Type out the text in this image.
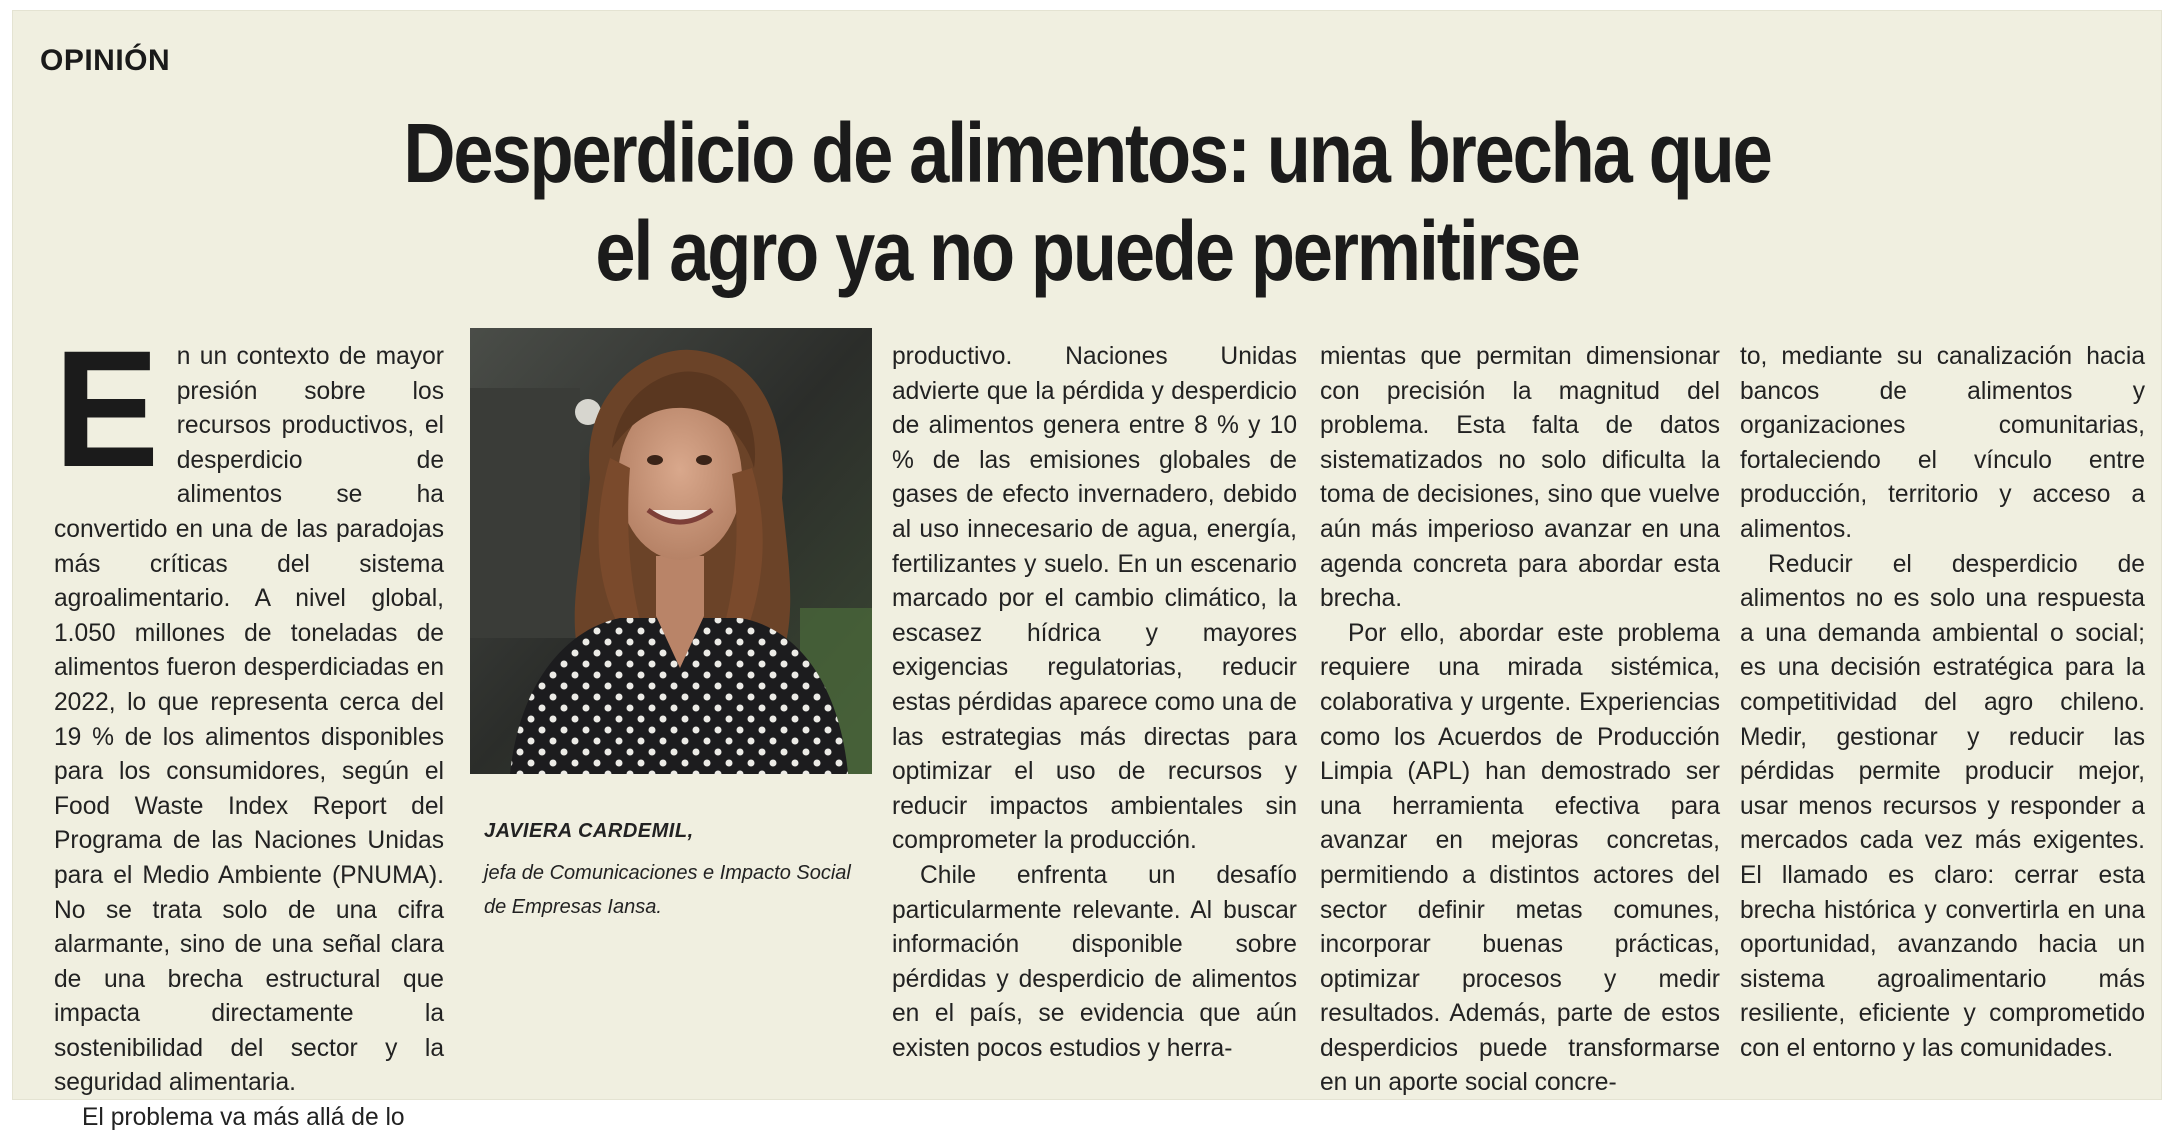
OPINIÓN
Desperdicio de alimentos: una brecha que
el agro ya no puede permitirse

En un contexto de mayor presión sobre los recursos productivos, el desperdicio de alimentos se ha convertido en una de las paradojas más críticas del sistema agroalimentario. A nivel global, 1.050 millones de toneladas de alimentos fueron desperdiciadas en 2022, lo que representa cerca del 19 % de los alimentos disponibles para los consumidores, según el Food Waste Index Report del Programa de las Naciones Unidas para el Medio Ambiente (PNUMA). No se trata solo de una cifra alarmante, sino de una señal clara de una brecha estructural que impacta directamente la sostenibilidad del sector y la seguridad alimentaria.

El problema va más allá de lo

JAVIERA CARDEMIL,
jefa de Comunicaciones e Impacto Social de Empresas Iansa.

productivo. Naciones Unidas advierte que la pérdida y desperdicio de alimentos genera entre 8 % y 10 % de las emisiones globales de gases de efecto invernadero, debido al uso innecesario de agua, energía, fertilizantes y suelo. En un escenario marcado por el cambio climático, la escasez hídrica y mayores exigencias regulatorias, reducir estas pérdidas aparece como una de las estrategias más directas para optimizar el uso de recursos y reducir impactos ambientales sin comprometer la producción.

Chile enfrenta un desafío particularmente relevante. Al buscar información disponible sobre pérdidas y desperdicio de alimentos en el país, se evidencia que aún existen pocos estudios y herra-

mientas que permitan dimensionar con precisión la magnitud del problema. Esta falta de datos sistematizados no solo dificulta la toma de decisiones, sino que vuelve aún más imperioso avanzar en una agenda concreta para abordar esta brecha.

Por ello, abordar este problema requiere una mirada sistémica, colaborativa y urgente. Experiencias como los Acuerdos de Producción Limpia (APL) han demostrado ser una herramienta efectiva para avanzar en mejoras concretas, permitiendo a distintos actores del sector definir metas comunes, incorporar buenas prácticas, optimizar procesos y medir resultados. Además, parte de estos desperdicios puede transformarse en un aporte social concre-

to, mediante su canalización hacia bancos de alimentos y organizaciones comunitarias, fortaleciendo el vínculo entre producción, territorio y acceso a alimentos.

Reducir el desperdicio de alimentos no es solo una respuesta a una demanda ambiental o social; es una decisión estratégica para la competitividad del agro chileno. Medir, gestionar y reducir las pérdidas permite producir mejor, usar menos recursos y responder a mercados cada vez más exigentes. El llamado es claro: cerrar esta brecha histórica y convertirla en una oportunidad, avanzando hacia un sistema agroalimentario más resiliente, eficiente y comprometido con el entorno y las comunidades.
